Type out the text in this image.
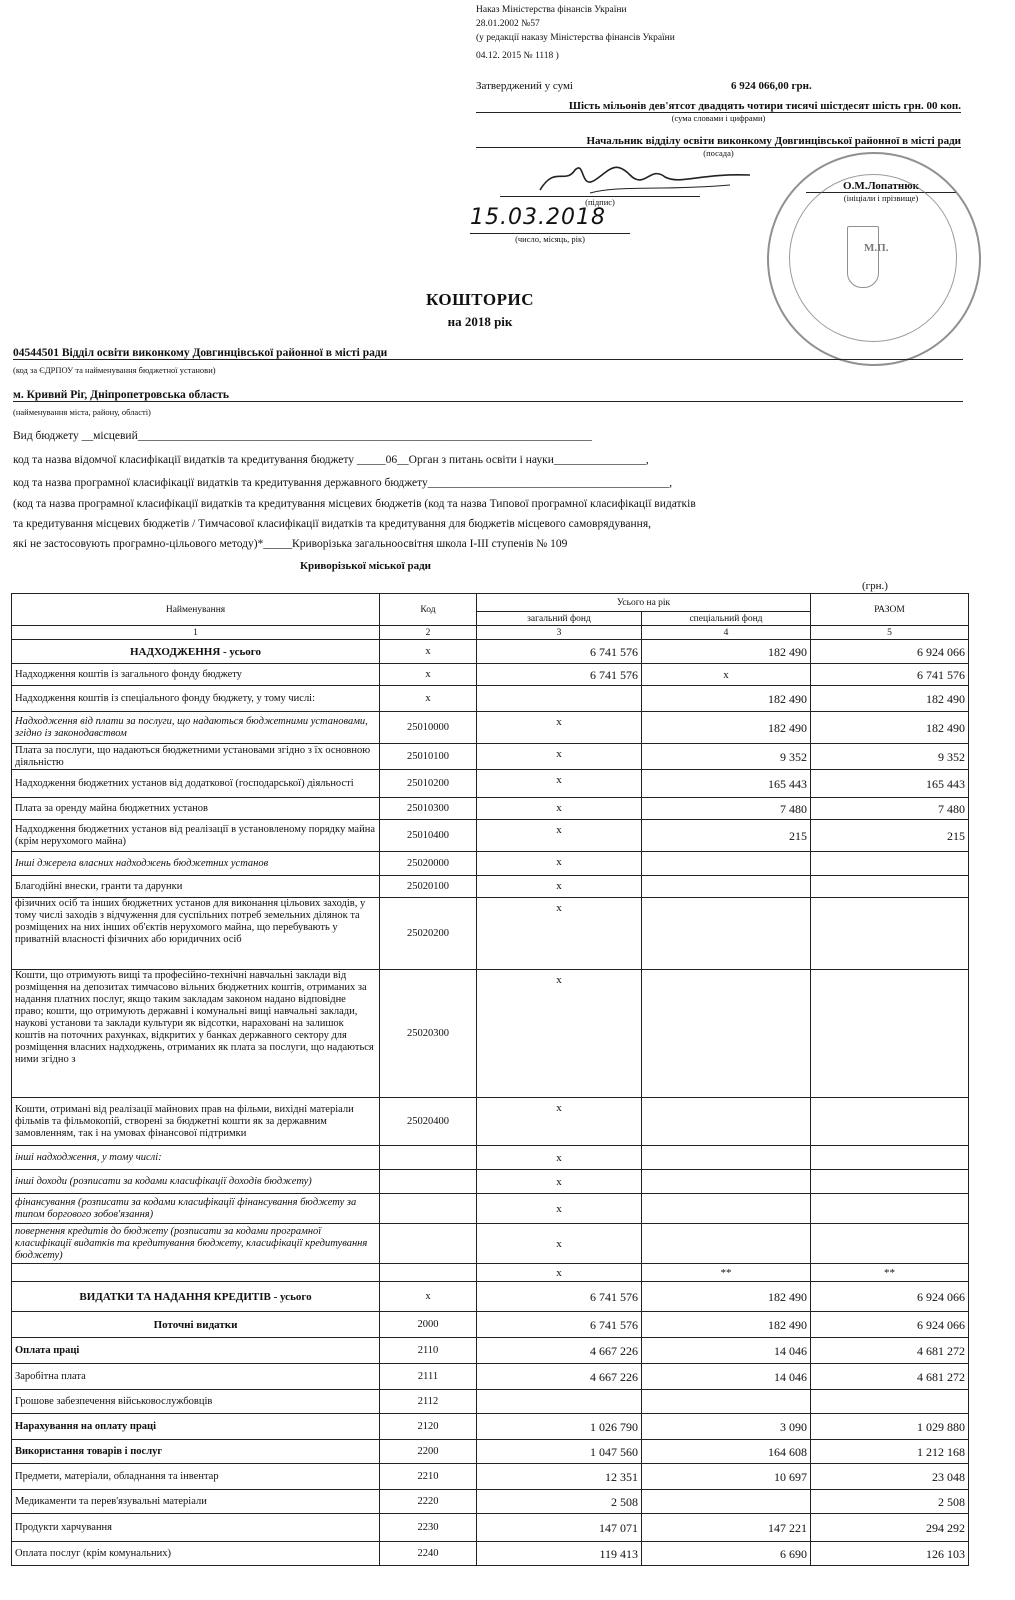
Наказ Міністерства фінансів України
28.01.2002 №57
(у редакції наказу Міністерства фінансів України
04.12. 2015 № 1118 )
Затверджений у сумі	6 924 066,00 грн.
Шість мільонів дев'ятсот двадцять чотири тисячі шістдесят шість грн. 00 коп.
(сума словами і цифрами)
Начальник відділу освіти виконкому Довгинцівської районної в місті ради
(посада)
(підпис)
О.М.Лопатнюк
(ініціали і прізвище)
15.03.2018
(число, місяць, рік)
М.П.
КОШТОРИС
на 2018 рік
04544501 Відділ освіти виконкому Довгинцівської районної в місті ради
(код за ЄДРПОУ та найменування бюджетної установи)
м. Кривий Ріг, Дніпропетровська область
(найменування міста, району, області)
Вид бюджету __місцевий_______________________________________________________________________________
код та назва відомчої класифікації видатків та кредитування бюджету _____06__Орган з питань освіти і науки________________,
код та назва програмної класифікації видатків та кредитування державного бюджету__________________________________________,
(код та назва програмної класифікації видатків та кредитування місцевих бюджетів (код та назва Типової програмної класифікації видатків
та кредитування місцевих бюджетів / Тимчасової класифікації видатків та кредитування для бюджетів місцевого самоврядування,
які не застосовують програмно-цільового методу)*_____Криворізька загальноосвітня школа І-ІІІ ступенів № 109
Криворізької міської ради
(грн.)
Найменування	Код	Усього на рік		РАЗОМ
		загальний фонд	спеціальний фонд	
1	2	3	4	5
НАДХОДЖЕННЯ - усього	х	6 741 576	182 490	6 924 066
Надходження коштів із загального фонду бюджету	х	6 741 576	х	6 741 576
Надходження коштів із спеціального фонду бюджету, у тому числі:	х		182 490	182 490
Надходження від плати за послуги, що надаються бюджетними установами, згідно із законодавством	25010000	х	182 490	182 490
Плата за послуги, що надаються бюджетними установами згідно з їх основною діяльністю	25010100	х	9 352	9 352
Надходження бюджетних установ від додаткової (господарської) діяльності	25010200	х	165 443	165 443
Плата за оренду майна бюджетних установ	25010300	х	7 480	7 480
Надходження бюджетних установ від реалізації в установленому порядку майна (крім нерухомого майна)	25010400	х	215	215
Інші джерела власних надходжень бюджетних установ	25020000	х		
Благодійні внески, гранти та дарунки	25020100	х		
фізичних осіб та інших бюджетних установ для виконання цільових заходів, у тому числі заходів з відчуження для суспільних потреб земельних ділянок та розміщених на них інших об'єктів нерухомого майна, що перебувають у приватній власності фізичних або юридичних осіб	25020200	х		
Кошти, що отримують вищі та професійно-технічні навчальні заклади від розміщення на депозитах тимчасово вільних бюджетних коштів, отриманих за надання платних послуг, якщо таким закладам законом надано відповідне право; кошти, що отримують державні і комунальні вищі навчальні заклади, наукові установи та заклади культури як відсотки, нараховані на залишок коштів на поточних рахунках, відкритих у банках державного сектору для розміщення власних надходжень, отриманих як плата за послуги, що надаються ними згідно з	25020300	х		
Кошти, отримані від реалізації майнових прав на фільми, вихідні матеріали фільмів та фільмокопій, створені за бюджетні кошти як за державним замовленням, так і на умовах фінансової підтримки	25020400	х		
інші надходження, у тому числі:		х		
інші доходи (розписати за кодами класифікації доходів бюджету)		х		
фінансування (розписати за кодами класифікації фінансування бюджету за типом боргового зобов'язання)		х		
повернення кредитів до бюджету (розписати за кодами програмної класифікації видатків та кредитування бюджету, класифікації кредитування бюджету)		х		
		х	**	**
ВИДАТКИ ТА НАДАННЯ КРЕДИТІВ - усього	х	6 741 576	182 490	6 924 066
Поточні видатки	2000	6 741 576	182 490	6 924 066
Оплата праці	2110	4 667 226	14 046	4 681 272
Заробітна плата	2111	4 667 226	14 046	4 681 272
Грошове забезпечення військовослужбовців	2112			
Нарахування на оплату праці	2120	1 026 790	3 090	1 029 880
Використання товарів і послуг	2200	1 047 560	164 608	1 212 168
Предмети, матеріали, обладнання та інвентар	2210	12 351	10 697	23 048
Медикаменти та перев'язувальні матеріали	2220	2 508		2 508
Продукти харчування	2230	147 071	147 221	294 292
Оплата послуг (крім комунальних)	2240	119 413	6 690	126 103
